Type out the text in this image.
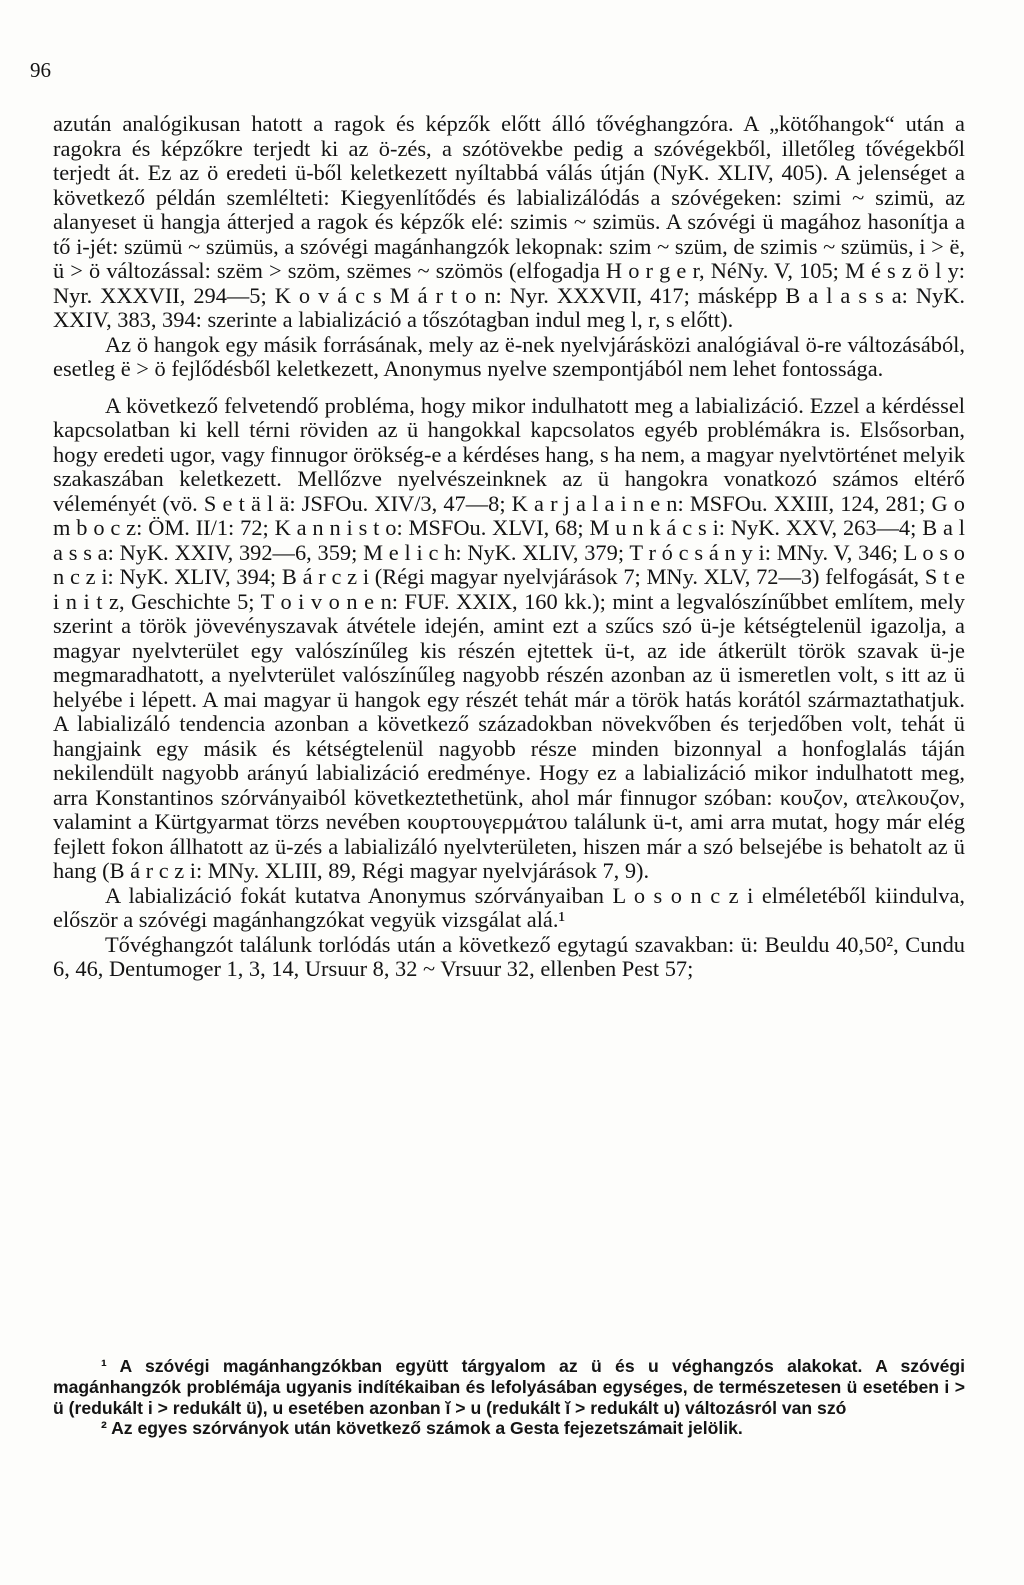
96

azután analógikusan hatott a ragok és képzők előtt álló tővéghangzóra. A „kötőhangok“ után a ragokra és képzőkre terjedt ki az ö-zés, a szótövekbe pedig a szóvégekből, illetőleg tővégekből terjedt át. Ez az ö eredeti ü-ből keletkezett nyíltabbá válás útján (NyK. XLIV, 405). A jelenséget a következő példán szemlélteti: Kiegyenlítődés és labializálódás a szóvégeken: szimi ~ szimü, az alanyeset ü hangja átterjed a ragok és képzők elé: szimis ~ szimüs. A szóvégi ü magához hasonítja a tő i-jét: szümü ~ szümüs, a szóvégi magánhangzók lekopnak: szim ~ szüm, de szimis ~ szümüs, i > ë, ü > ö változással: szëm > szöm, szëmes ~ szömös (elfogadja H o r g e r, NéNy. V, 105; M é s z ö l y: Nyr. XXXVII, 294—5; K o v á c s M á r t o n: Nyr. XXXVII, 417; másképp B a l a s s a: NyK. XXIV, 383, 394: szerinte a labializáció a tőszótagban indul meg l, r, s előtt).

Az ö hangok egy másik forrásának, mely az ë-nek nyelvjárásközi analógiával ö-re változásából, esetleg ë > ö fejlődésből keletkezett, Anonymus nyelve szempontjából nem lehet fontossága.

A következő felvetendő probléma, hogy mikor indulhatott meg a labializáció. Ezzel a kérdéssel kapcsolatban ki kell térni röviden az ü hangokkal kapcsolatos egyéb problémákra is. Elsősorban, hogy eredeti ugor, vagy finnugor örökség-e a kérdéses hang, s ha nem, a magyar nyelvtörténet melyik szakaszában keletkezett. Mellőzve nyelvészeinknek az ü hangokra vonatkozó számos eltérő véleményét (vö. S e t ä l ä: JSFOu. XIV/3, 47—8; K a r j a l a i n e n: MSFOu. XXIII, 124, 281; G o m b o c z: ÖM. II/1: 72; K a n n i s t o: MSFOu. XLVI, 68; M u n k á c s i: NyK. XXV, 263—4; B a l a s s a: NyK. XXIV, 392—6, 359; M e l i c h: NyK. XLIV, 379; T r ó c s á n y i: MNy. V, 346; L o s o n c z i: NyK. XLIV, 394; B á r c z i (Régi magyar nyelvjárások 7; MNy. XLV, 72—3) felfogását, S t e i n i t z, Geschichte 5; T o i v o n e n: FUF. XXIX, 160 kk.); mint a legvalószínűbbet említem, mely szerint a török jövevényszavak átvétele idején, amint ezt a szűcs szó ü-je kétségtelenül igazolja, a magyar nyelvterület egy valószínűleg kis részén ejtettek ü-t, az ide átkerült török szavak ü-je megmaradhatott, a nyelvterület valószínűleg nagyobb részén azonban az ü ismeretlen volt, s itt az ü helyébe i lépett. A mai magyar ü hangok egy részét tehát már a török hatás korától származtathatjuk. A labializáló tendencia azonban a következő századokban növekvőben és terjedőben volt, tehát ü hangjaink egy másik és kétségtelenül nagyobb része minden bizonnyal a honfoglalás táján nekilendült nagyobb arányú labializáció eredménye. Hogy ez a labializáció mikor indulhatott meg, arra Konstantinos szórványaiból következtethetünk, ahol már finnugor szóban: κουζον, ατελκουζον, valamint a Kürtgyarmat törzs nevében κουρτουγερμάτου találunk ü-t, ami arra mutat, hogy már elég fejlett fokon állhatott az ü-zés a labializáló nyelvterületen, hiszen már a szó belsejébe is behatolt az ü hang (B á r c z i: MNy. XLIII, 89, Régi magyar nyelvjárások 7, 9).

A labializáció fokát kutatva Anonymus szórványaiban L o s o n c z i elméletéből kiindulva, először a szóvégi magánhangzókat vegyük vizsgálat alá.¹

Tővéghangzót találunk torlódás után a következő egytagú szavakban: ü: Beuldu 40,50², Cundu 6, 46, Dentumoger 1, 3, 14, Ursuur 8, 32 ~ Vrsuur 32, ellenben Pest 57;

¹ A szóvégi magánhangzókban együtt tárgyalom az ü és u véghangzós alakokat. A szóvégi magánhangzók problémája ugyanis indítékaiban és lefolyásában egységes, de természetesen ü esetében i > ü (redukált i > redukált ü), u esetében azonban ĭ > u (redukált ĭ > redukált u) változásról van szó

² Az egyes szórványok után következő számok a Gesta fejezetszámait jelölik.
